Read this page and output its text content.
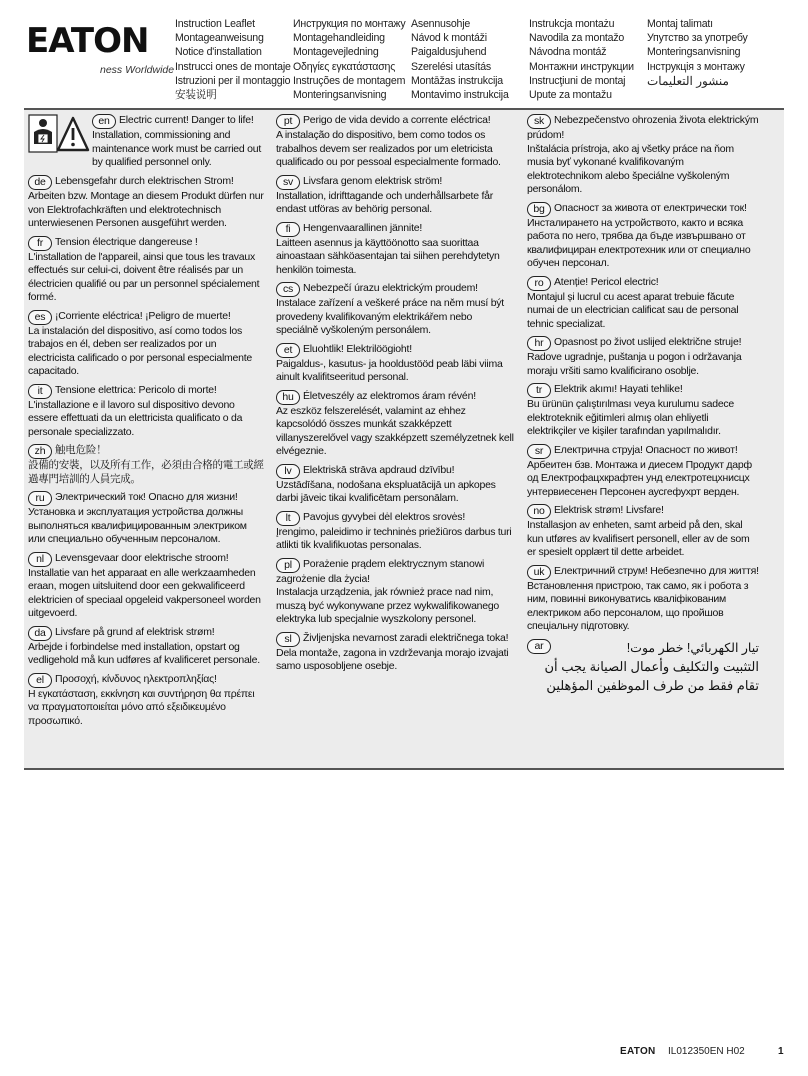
EATON
ness Worldwide
Instruction Leaflet
Montageanweisung
Notice d'installation
Instrucci ones de montaje
Istruzioni per il montaggio
安装说明
Инструкция по монтажу
Montagehandleiding
Montagevejledning
Οδηγίες εγκατάστασης
Instruções de montagem
Monteringsanvisning
Asennusohje
Návod k montáži
Paigaldusjuhend
Szerelési utasítás
Montāžas instrukcija
Montavimo instrukcija
Instrukcja montażu
Navodila za montažo
Návodna montáž
Монтажни инструкции
Instrucţiuni de montaj
Upute za montažu
Montaj talimatı
Упутство за употребу
Monteringsanvisning
Інструкція з монтажу
منشور التعليمات
en Electric current! Danger to life!
Installation, commissioning and maintenance work must be carried out by qualified personnel only.
de Lebensgefahr durch elektrischen Strom!
Arbeiten bzw. Montage an diesem Produkt dürfen nur von Elektrofachkräften und elektrotechnisch unterwiesenen Personen ausgeführt werden.
fr Tension électrique dangereuse !
L'installation de l'appareil, ainsi que tous les travaux effectués sur celui-ci, doivent être réalisés par un électricien qualifié ou par un personnel spécialement formé.
es ¡Corriente eléctrica! ¡Peligro de muerte!
La instalación del dispositivo, así como todos los trabajos en él, deben ser realizados por un electricista calificado o por personal especialmente capacitado.
it Tensione elettrica: Pericolo di morte!
L'installazione e il lavoro sul dispositivo devono essere effettuati da un elettricista qualificato o da personale specializzato.
zh 触电危险！
設備的安裝，以及所有工作，必須由合格的電工或經過專門培訓的人員完成。
ru Электрический ток! Опасно для жизни!
Установка и эксплуатация устройства должны выполняться квалифицированным электриком или специально обученным персоналом.
nl Levensgevaar door elektrische stroom!
Installatie van het apparaat en alle werkzaamheden eraan, mogen uitsluitend door een gekwalificeerd elektricien of speciaal opgeleid vakpersoneel worden uitgevoerd.
da Livsfare på grund af elektrisk strøm!
Arbejde i forbindelse med installation, opstart og vedligehold må kun udføres af kvalificeret personale.
el Προσοχή, κίνδυνος ηλεκτροπληξίας!
Η εγκατάσταση, εκκίνηση και συντήρηση θα πρέπει να πραγματοποιείται μόνο από εξειδικευμένο προσωπικό.
pt Perigo de vida devido a corrente eléctrica!
A instalação do dispositivo, bem como todos os trabalhos devem ser realizados por um eletricista qualificado ou por pessoal especialmente formado.
sv Livsfara genom elektrisk ström!
Installation, idrifttagande och underhållsarbete får endast utföras av behörig personal.
fi Hengenvaarallinen jännite!
Laitteen asennus ja käyttöönotto saa suorittaa ainoastaan sähköasentajan tai siihen perehdytetyn henkilön toimesta.
cs Nebezpečí úrazu elektrickým proudem!
Instalace zařízení a veškeré práce na něm musí být provedeny kvalifikovaným elektrikářem nebo speciálně vyškoleným personálem.
et Eluohtlik! Elektrilöögioht!
Paigaldus-, kasutus- ja hooldustööd peab läbi viima ainult kvalifitseeritud personal.
hu Életveszély az elektromos áram révén!
Az eszköz felszerelését, valamint az ehhez kapcsolódó összes munkát szakképzett villanyszerelővel vagy szakképzett személyzetnek kell elvégeznie.
lv Elektriskā strāva apdraud dzīvību!
Uzstādīšana, nodošana ekspluatācijā un apkopes darbi jāveic tikai kvalificētam personālam.
lt Pavojus gyvybei dėl elektros srovės!
Įrengimo, paleidimo ir techninės priežiūros darbus turi atlikti tik kvalifikuotas personalas.
pl Porażenie prądem elektrycznym stanowi zagrożenie dla życia!
Instalacja urządzenia, jak również prace nad nim, muszą być wykonywane przez wykwalifikowanego elektryka lub specjalnie wyszkolony personel.
sl Življenjska nevarnost zaradi električnega toka!
Dela montaže, zagona in vzdrževanja morajo izvajati samo usposobljene osebje.
sk Nebezpečenstvo ohrozenia života elektrickým prúdom!
Inštalácia prístroja, ako aj všetky práce na ňom musia byť vykonané kvalifikovaným elektrotechnikom alebo špeciálne vyškoleným personálom.
bg Опасност за живота от електрически ток!
Инсталирането на устройството, както и всяка работа по него, трябва да бъде извършвано от квалифициран електротехник или от специално обучен персонал.
ro Atenție! Pericol electric!
Montajul și lucrul cu acest aparat trebuie făcute numai de un electrician calificat sau de personal tehnic specializat.
hr Opasnost po život uslijed električne struje!
Radove ugradnje, puštanja u pogon i održavanja moraju vršiti samo kvalificirano osoblje.
tr Elektrik akımı! Hayati tehlike!
Bu ürünün çalıştırılması veya kurulumu sadece elektroteknik eğitimleri almış olan ehliyetli elektrikçiler ve kişiler tarafından yapılmalıdır.
sr Електрична струја! Опасност по живот!
Арбеитен бзв. Монтажа и диесем Продукт дарф од Електрофацхкрафтен унд електротецхнисцх унтервиесенен Персонен аусгефухрт верден.
no Elektrisk strøm! Livsfare!
Installasjon av enheten, samt arbeid på den, skal kun utføres av kvalifisert personell, eller av de som er spesielt opplært til dette arbeidet.
uk Електричний струм! Небезпечно для життя!
Встановлення пристрою, так само, як і робота з ним, повинні виконуватись кваліфікованим електриком або персоналом, що пройшов спеціальну підготовку.
ar	تيار الكهربائي! خطر موت!
التثبيت والتكليف وأعمال الصيانة يجب أن تقام فقط من طرف الموظفين المؤهلين
EATON IL012350EN H02	1
